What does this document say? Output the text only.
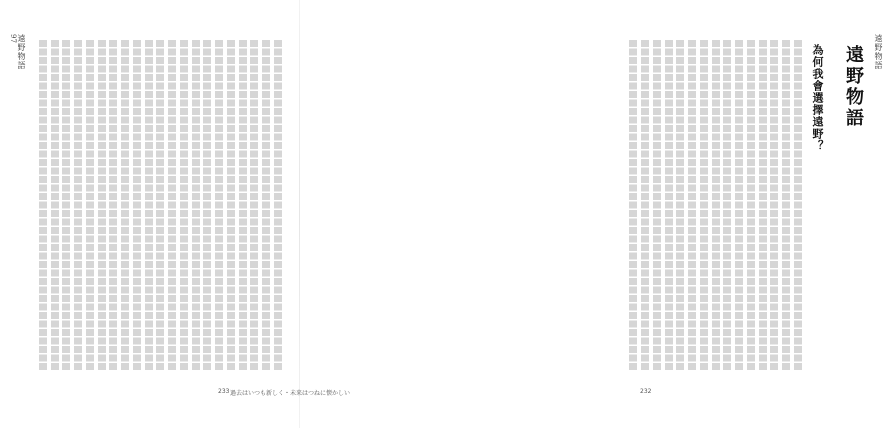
97 遠野物語
233
遠野物語
遠野物語
為何我會選擇遠野？
232
過去はいつも新しく・未来はつねに懐かしい
